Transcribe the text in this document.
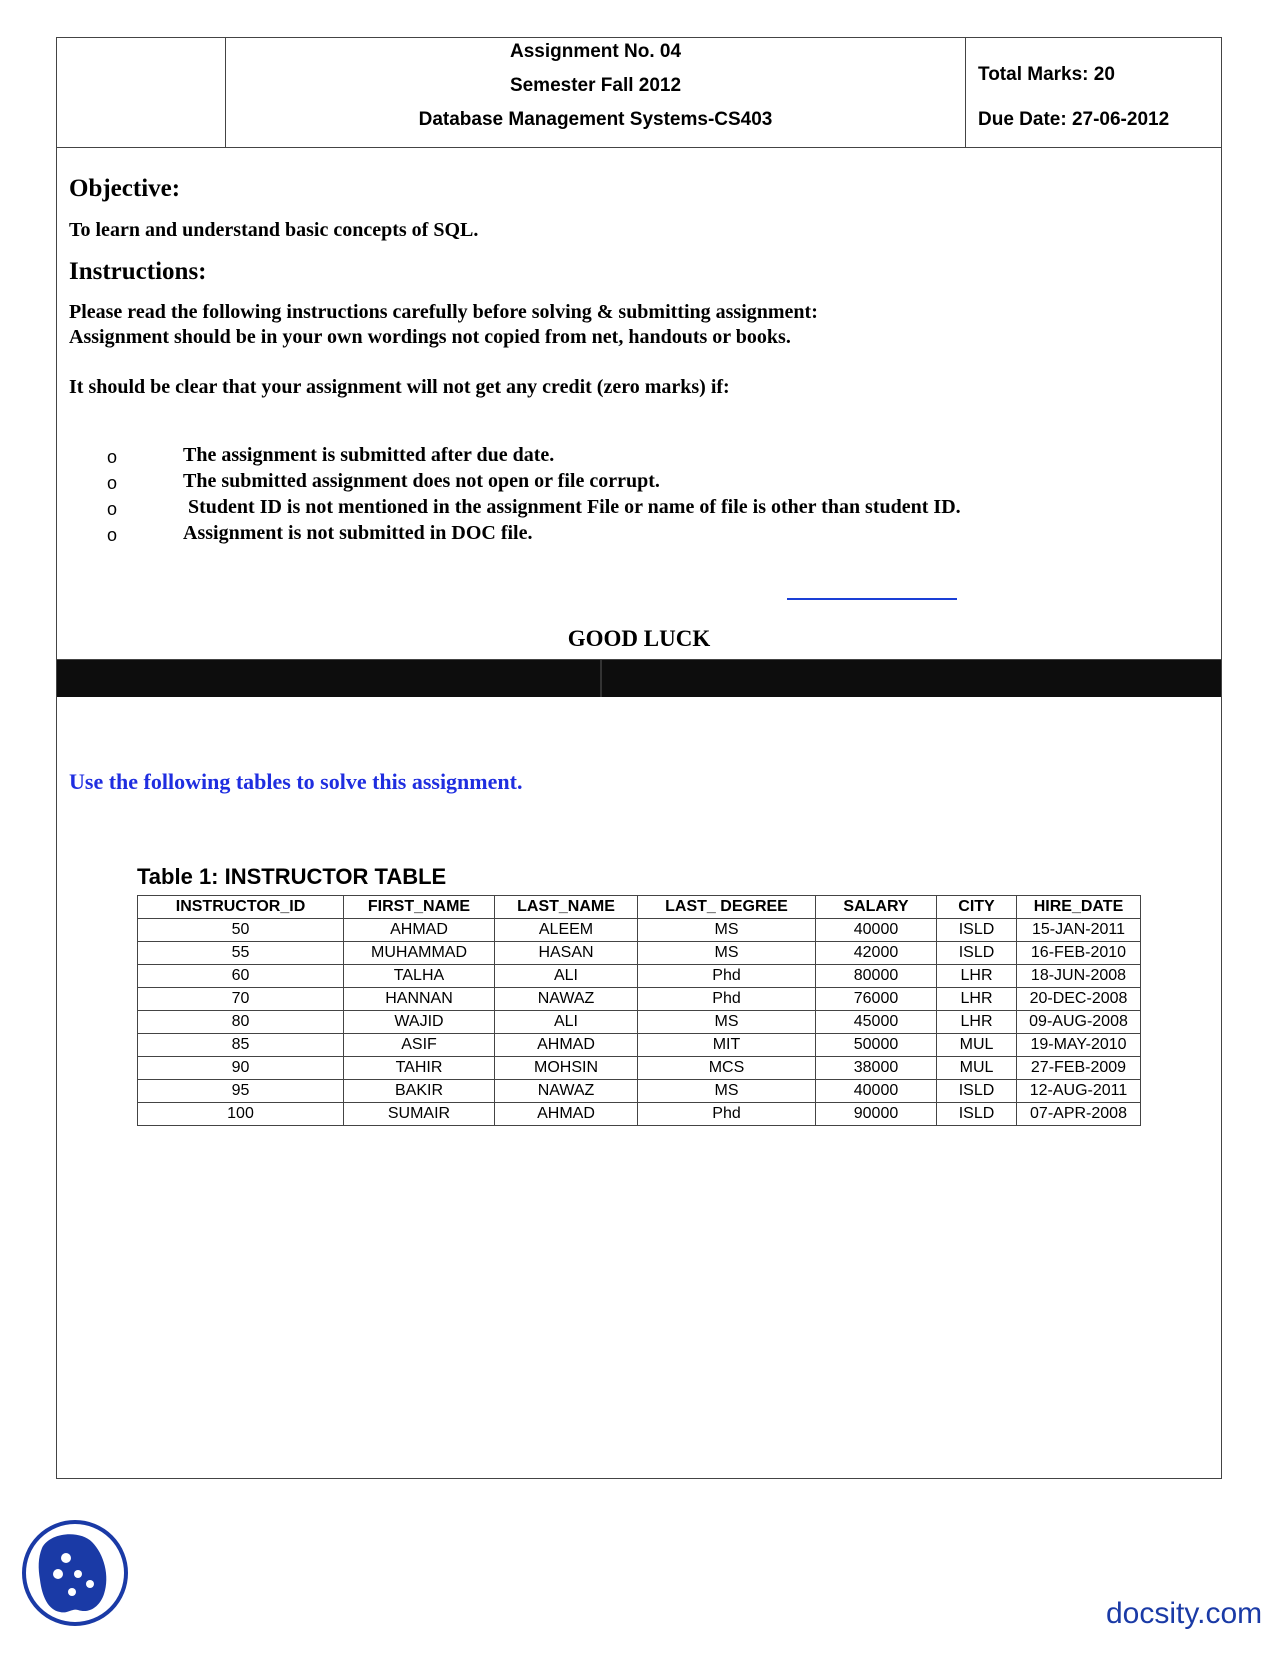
Assignment No. 04
Semester Fall 2012
Database Management Systems-CS403
Total Marks: 20
Due Date: 27-06-2012
Objective:
To learn and understand basic concepts of SQL.
Instructions:
Please read the following instructions carefully before solving & submitting assignment:
Assignment should be in your own wordings not copied from net, handouts or books.
It should be clear that your assignment will not get any credit (zero marks) if:
o	The assignment is submitted after due date.
o	The submitted assignment does not open or file corrupt.
o	Student ID is not mentioned in the assignment File or name of file is other than student ID.
o	Assignment is not submitted in DOC file.
GOOD LUCK
Use the following tables to solve this assignment.
Table 1: INSTRUCTOR TABLE
INSTRUCTOR_ID	FIRST_NAME	LAST_NAME	LAST_ DEGREE	SALARY	CITY	HIRE_DATE
50	AHMAD	ALEEM	MS	40000	ISLD	15-JAN-2011
55	MUHAMMAD	HASAN	MS	42000	ISLD	16-FEB-2010
60	TALHA	ALI	Phd	80000	LHR	18-JUN-2008
70	HANNAN	NAWAZ	Phd	76000	LHR	20-DEC-2008
80	WAJID	ALI	MS	45000	LHR	09-AUG-2008
85	ASIF	AHMAD	MIT	50000	MUL	19-MAY-2010
90	TAHIR	MOHSIN	MCS	38000	MUL	27-FEB-2009
95	BAKIR	NAWAZ	MS	40000	ISLD	12-AUG-2011
100	SUMAIR	AHMAD	Phd	90000	ISLD	07-APR-2008
docsity.com
